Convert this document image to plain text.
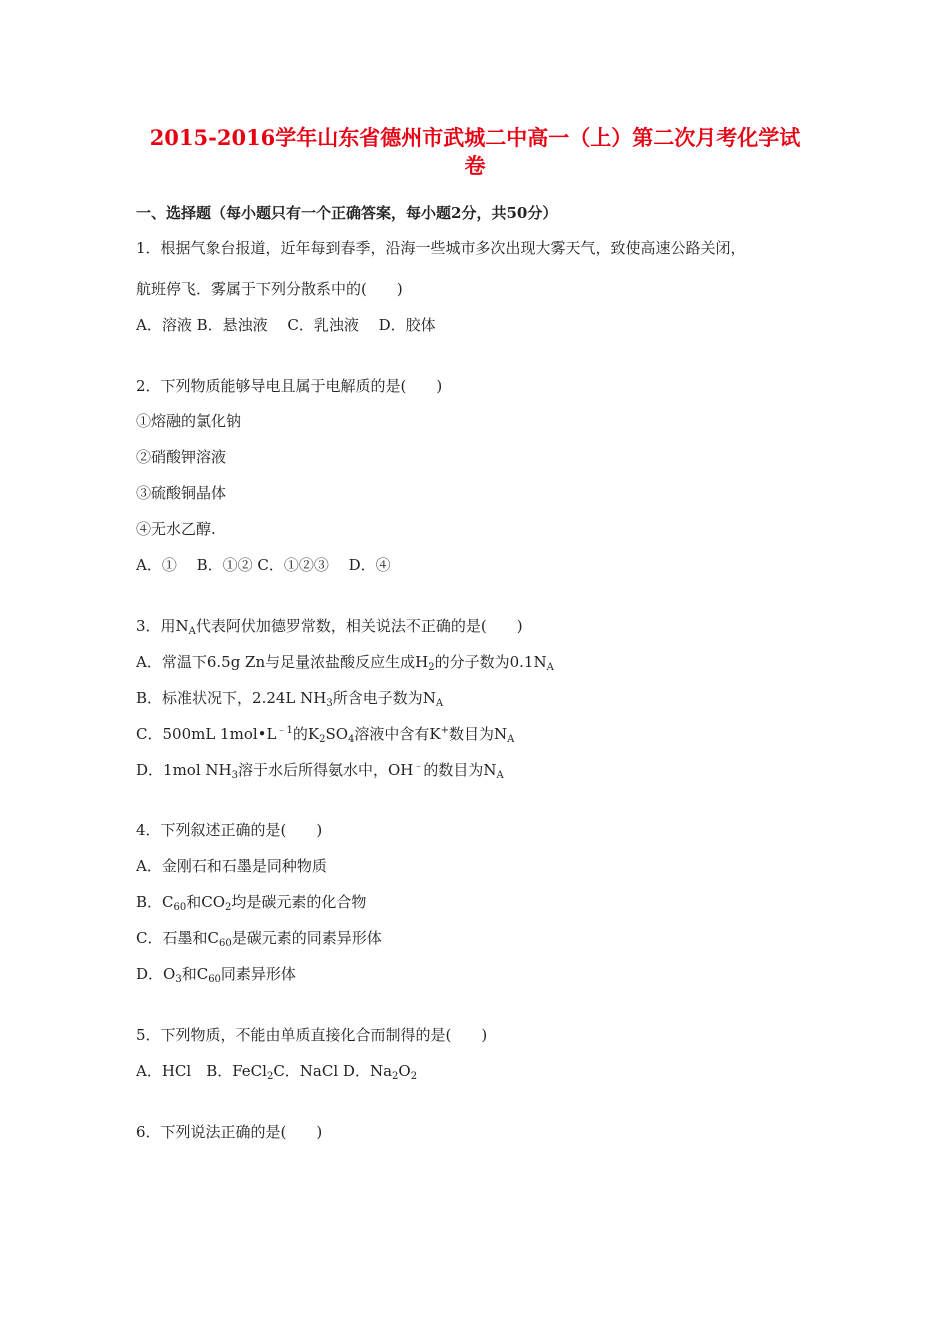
2015-2016学年山东省德州市武城二中高一（上）第二次月考化学试
卷
一、选择题（每小题只有一个正确答案，每小题2分，共50分）
1．根据气象台报道，近年每到春季，沿海一些城市多次出现大雾天气，致使高速公路关闭，
航班停飞．雾属于下列分散系中的(　　)
A．溶液 B．悬浊液　 C．乳浊液　 D．胶体
2．下列物质能够导电且属于电解质的是(　　)
①熔融的氯化钠
②硝酸钾溶液
③硫酸铜晶体
④无水乙醇.
A．①　 B．①② C．①②③　 D．④
3．用$N_A$代表阿伏加德罗常数，相关说法不正确的是(　　)
A．常温下6.5g Zn与足量浓盐酸反应生成$H_2$的分子数为$0.1N_A$
B．标准状况下，2.24L $NH_3$所含电子数为$N_A$
C．500mL $1mol•L^{﹣1}$的$K_2SO_4$溶液中含有K+数目为$N_A$
D．1mol $NH_3$溶于水后所得氨水中，OH﹣的数目为$N_A$
4．下列叙述正确的是(　　)
A．金刚石和石墨是同种物质
B．$C_{60}$和$CO_2$均是碳元素的化合物
C．石墨和$C_{60}$是碳元素的同素异形体
D．$O_3$和$C_{60}$同素异形体
5．下列物质，不能由单质直接化合而制得的是(　　)
A．HCl　B．FeCl$_2$C．NaCl D．$Na_2O_2$
6．下列说法正确的是(　　)
